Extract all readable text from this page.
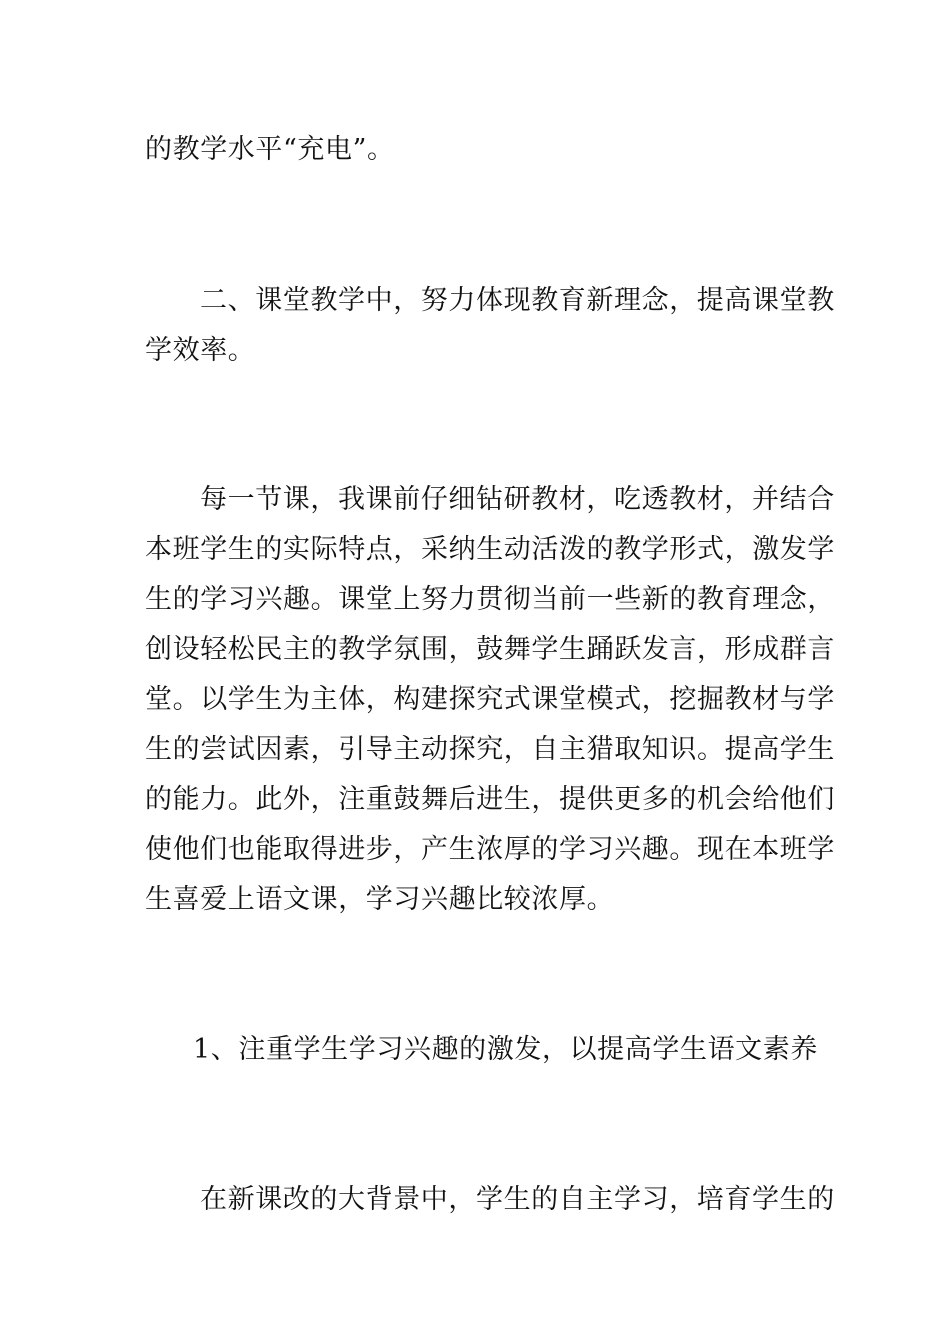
的教学水平“充电”。
二、课堂教学中，努力体现教育新理念，提高课堂教
学效率。
每一节课，我课前仔细钻研教材，吃透教材，并结合
本班学生的实际特点，采纳生动活泼的教学形式，激发学
生的学习兴趣。课堂上努力贯彻当前一些新的教育理念，
创设轻松民主的教学氛围，鼓舞学生踊跃发言，形成群言
堂。以学生为主体，构建探究式课堂模式，挖掘教材与学
生的尝试因素，引导主动探究，自主猎取知识。提高学生
的能力。此外，注重鼓舞后进生，提供更多的机会给他们
使他们也能取得进步，产生浓厚的学习兴趣。现在本班学
生喜爱上语文课，学习兴趣比较浓厚。
1、注重学生学习兴趣的激发，以提高学生语文素养
在新课改的大背景中，学生的自主学习，培育学生的
